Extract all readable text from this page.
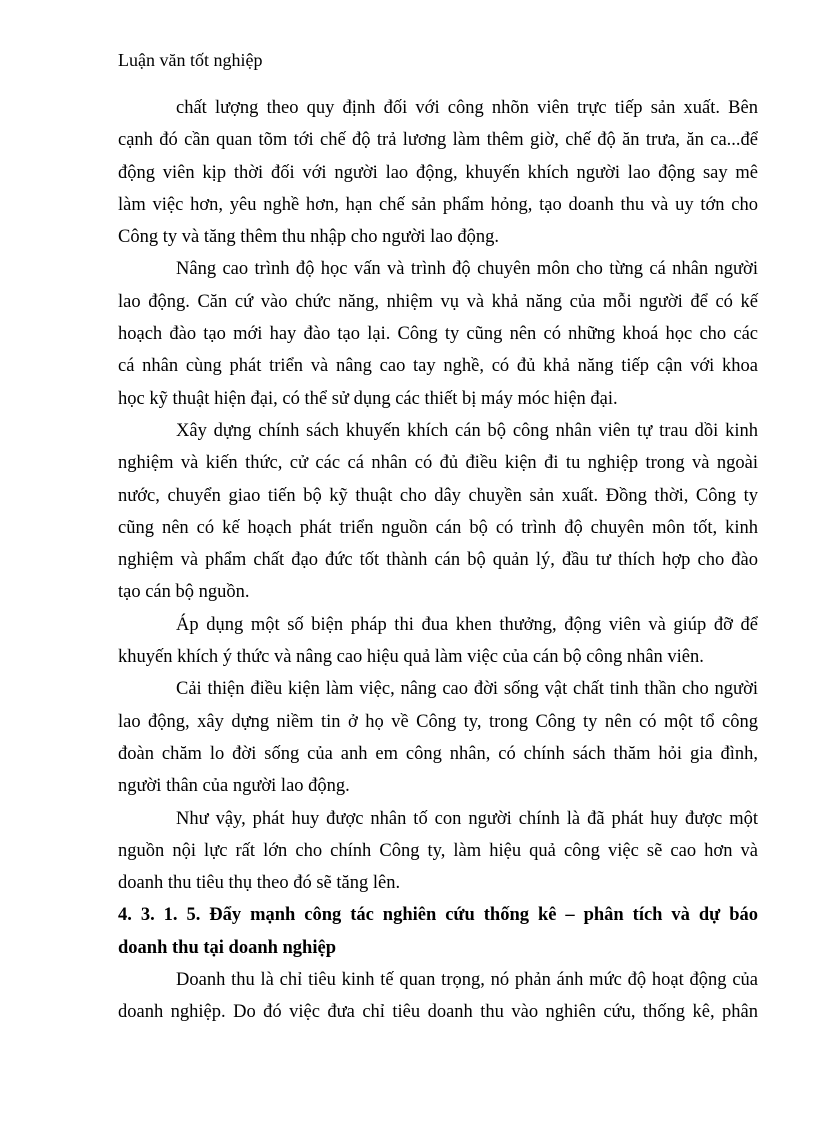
Luận văn tốt nghiệp
chất lượng theo quy định đối với công nhõn viên trực tiếp sản xuất. Bên
cạnh đó cần quan tõm tới chế độ trả lương làm thêm giờ, chế độ ăn trưa, ăn ca...để
động viên kịp thời đối với người lao động, khuyến khích người lao động say mê
làm việc hơn, yêu nghề hơn, hạn chế sản phẩm hỏng, tạo doanh thu và uy tớn cho
Công ty và tăng thêm thu nhập cho người lao động.
Nâng cao trình độ học vấn và trình độ chuyên môn cho từng cá nhân người
lao động. Căn cứ vào chức năng, nhiệm vụ và khả năng của mỗi người để có kế
hoạch đào tạo mới hay đào tạo lại. Công ty cũng nên có những khoá học cho các
cá nhân cùng phát triển và nâng cao tay nghề, có đủ khả năng tiếp cận với khoa
học kỹ thuật hiện đại, có thể sử dụng các thiết bị máy móc hiện đại.
Xây dựng chính sách khuyến khích cán bộ công nhân viên tự trau dồi kinh
nghiệm và kiến thức, cử các cá nhân có đủ điều kiện đi tu nghiệp trong và ngoài
nước, chuyển giao tiến bộ kỹ thuật cho dây chuyền sản xuất. Đồng thời, Công ty
cũng nên có kế hoạch phát triển nguồn cán bộ có trình độ chuyên môn tốt, kinh
nghiệm và phẩm chất đạo đức tốt thành cán bộ quản lý, đầu tư thích hợp cho đào
tạo cán bộ nguồn.
Áp dụng một số biện pháp thi đua khen thưởng, động viên và giúp đỡ để
khuyến khích ý thức và nâng cao hiệu quả làm việc của cán bộ công nhân viên.
Cải thiện điều kiện làm việc, nâng cao đời sống vật chất tinh thần cho người
lao động, xây dựng niềm tin ở họ về Công ty, trong Công ty nên có một tổ công
đoàn chăm lo đời sống của anh em công nhân, có chính sách thăm hỏi gia đình,
người thân của người lao động.
Như vậy, phát huy được nhân tố con người chính là đã phát huy được một
nguồn nội lực rất lớn cho chính Công ty, làm hiệu quả công việc sẽ cao hơn và
doanh thu tiêu thụ theo đó sẽ tăng lên.
4. 3. 1. 5. Đẩy mạnh công tác nghiên cứu thống kê – phân tích và dự báo
doanh thu tại doanh nghiệp
Doanh thu là chỉ tiêu kinh tế quan trọng, nó phản ánh mức độ hoạt động của
doanh nghiệp. Do đó việc đưa chỉ tiêu doanh thu vào nghiên cứu, thống kê, phân
